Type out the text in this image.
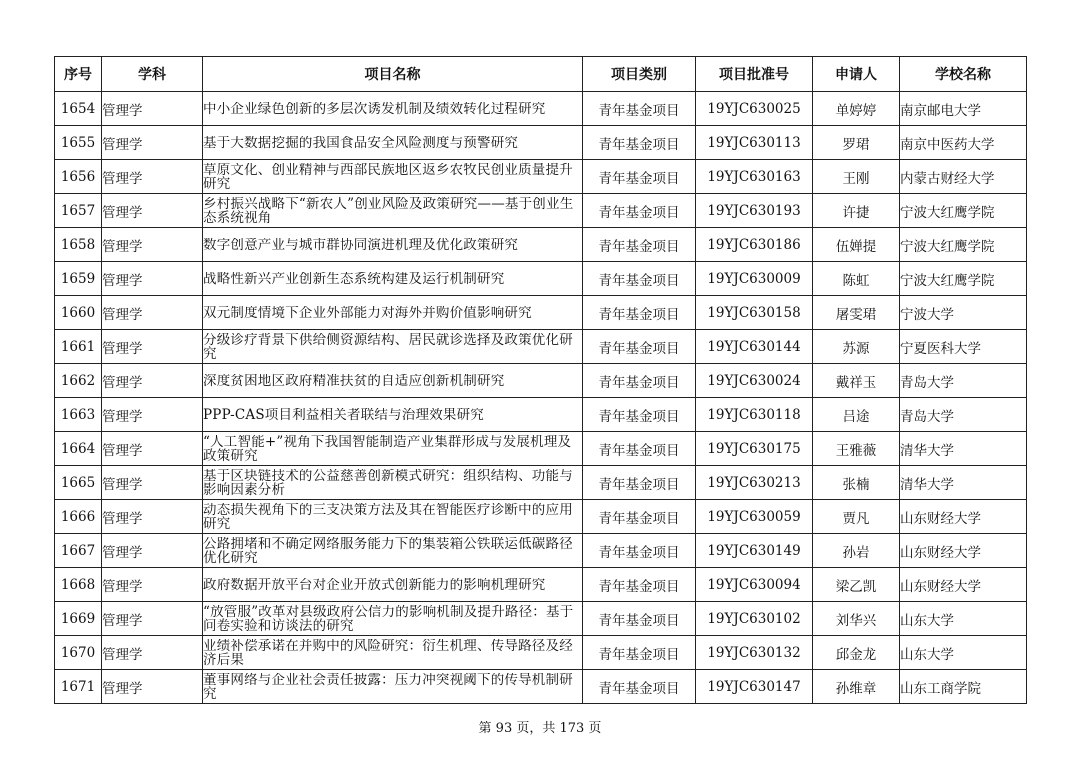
序号	学科	项目名称	项目类别	项目批准号	申请人	学校名称
1654	管理学	中小企业绿色创新的多层次诱发机制及绩效转化过程研究	青年基金项目	19YJC630025	单婷婷	南京邮电大学
1655	管理学	基于大数据挖掘的我国食品安全风险测度与预警研究	青年基金项目	19YJC630113	罗珺	南京中医药大学
1656	管理学	草原文化、创业精神与西部民族地区返乡农牧民创业质量提升研究	青年基金项目	19YJC630163	王刚	内蒙古财经大学
1657	管理学	乡村振兴战略下“新农人”创业风险及政策研究——基于创业生态系统视角	青年基金项目	19YJC630193	许捷	宁波大红鹰学院
1658	管理学	数字创意产业与城市群协同演进机理及优化政策研究	青年基金项目	19YJC630186	伍婵提	宁波大红鹰学院
1659	管理学	战略性新兴产业创新生态系统构建及运行机制研究	青年基金项目	19YJC630009	陈虹	宁波大红鹰学院
1660	管理学	双元制度情境下企业外部能力对海外并购价值影响研究	青年基金项目	19YJC630158	屠雯珺	宁波大学
1661	管理学	分级诊疗背景下供给侧资源结构、居民就诊选择及政策优化研究	青年基金项目	19YJC630144	苏源	宁夏医科大学
1662	管理学	深度贫困地区政府精准扶贫的自适应创新机制研究	青年基金项目	19YJC630024	戴祥玉	青岛大学
1663	管理学	PPP-CAS项目利益相关者联结与治理效果研究	青年基金项目	19YJC630118	吕途	青岛大学
1664	管理学	“人工智能+”视角下我国智能制造产业集群形成与发展机理及政策研究	青年基金项目	19YJC630175	王雅薇	清华大学
1665	管理学	基于区块链技术的公益慈善创新模式研究：组织结构、功能与影响因素分析	青年基金项目	19YJC630213	张楠	清华大学
1666	管理学	动态损失视角下的三支决策方法及其在智能医疗诊断中的应用研究	青年基金项目	19YJC630059	贾凡	山东财经大学
1667	管理学	公路拥堵和不确定网络服务能力下的集装箱公铁联运低碳路径优化研究	青年基金项目	19YJC630149	孙岩	山东财经大学
1668	管理学	政府数据开放平台对企业开放式创新能力的影响机理研究	青年基金项目	19YJC630094	梁乙凯	山东财经大学
1669	管理学	“放管服”改革对县级政府公信力的影响机制及提升路径：基于问卷实验和访谈法的研究	青年基金项目	19YJC630102	刘华兴	山东大学
1670	管理学	业绩补偿承诺在并购中的风险研究：衍生机理、传导路径及经济后果	青年基金项目	19YJC630132	邱金龙	山东大学
1671	管理学	董事网络与企业社会责任披露：压力冲突视阈下的传导机制研究	青年基金项目	19YJC630147	孙维章	山东工商学院
第 93 页，共 173 页
